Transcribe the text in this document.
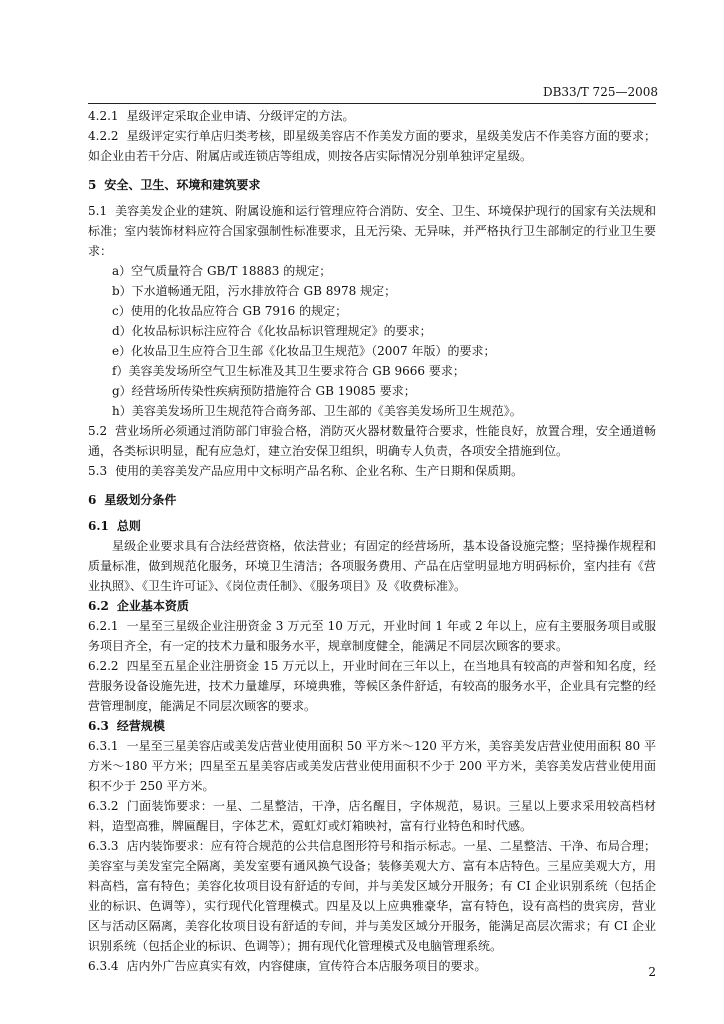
DB33/T 725—2008

4.2.1 星级评定采取企业申请、分级评定的方法。

4.2.2 星级评定实行单店归类考核，即星级美容店不作美发方面的要求，星级美发店不作美容方面的要求；如企业由若干分店、附属店或连锁店等组成，则按各店实际情况分别单独评定星级。

5 安全、卫生、环境和建筑要求

5.1 美容美发企业的建筑、附属设施和运行管理应符合消防、安全、卫生、环境保护现行的国家有关法规和标准；室内装饰材料应符合国家强制性标准要求，且无污染、无异味，并严格执行卫生部制定的行业卫生要求：

a）空气质量符合 GB/T 18883 的规定；

b）下水道畅通无阻，污水排放符合 GB 8978 规定；

c）使用的化妆品应符合 GB 7916 的规定；

d）化妆品标识标注应符合《化妆品标识管理规定》的要求；

e）化妆品卫生应符合卫生部《化妆品卫生规范》（2007 年版）的要求；

f）美容美发场所空气卫生标准及其卫生要求符合 GB 9666 要求；

g）经营场所传染性疾病预防措施符合 GB 19085 要求；

h）美容美发场所卫生规范符合商务部、卫生部的《美容美发场所卫生规范》。

5.2 营业场所必须通过消防部门审验合格，消防灭火器材数量符合要求，性能良好，放置合理，安全通道畅通，各类标识明显，配有应急灯，建立治安保卫组织，明确专人负责，各项安全措施到位。

5.3 使用的美容美发产品应用中文标明产品名称、企业名称、生产日期和保质期。

6 星级划分条件

6.1 总则

星级企业要求具有合法经营资格，依法营业；有固定的经营场所，基本设备设施完整；坚持操作规程和质量标准，做到规范化服务，环境卫生清洁；各项服务费用、产品在店堂明显地方明码标价，室内挂有《营业执照》、《卫生许可证》、《岗位责任制》、《服务项目》及《收费标准》。

6.2 企业基本资质

6.2.1 一星至三星级企业注册资金 3 万元至 10 万元，开业时间 1 年或 2 年以上，应有主要服务项目或服务项目齐全，有一定的技术力量和服务水平，规章制度健全，能满足不同层次顾客的要求。

6.2.2 四星至五星企业注册资金 15 万元以上，开业时间在三年以上，在当地具有较高的声誉和知名度，经营服务设备设施先进，技术力量雄厚，环境典雅，等候区条件舒适，有较高的服务水平，企业具有完整的经营管理制度，能满足不同层次顾客的要求。

6.3 经营规模

6.3.1 一星至三星美容店或美发店营业使用面积 50 平方米～120 平方米，美容美发店营业使用面积 80 平方米～180 平方米；四星至五星美容店或美发店营业使用面积不少于 200 平方米，美容美发店营业使用面积不少于 250 平方米。

6.3.2 门面装饰要求：一星、二星整洁，干净，店名醒目，字体规范，易识。三星以上要求采用较高档材料，造型高雅，牌匾醒目，字体艺术，霓虹灯或灯箱映衬，富有行业特色和时代感。

6.3.3 店内装饰要求：应有符合规范的公共信息图形符号和指示标志。一星、二星整洁、干净、布局合理；美容室与美发室完全隔离，美发室要有通风换气设备；装修美观大方、富有本店特色。三星应美观大方，用料高档，富有特色；美容化妆项目设有舒适的专间，并与美发区域分开服务；有 CI 企业识别系统（包括企业的标识、色调等），实行现代化管理模式。四星及以上应典雅豪华，富有特色，设有高档的贵宾房，营业区与活动区隔离，美容化妆项目设有舒适的专间，并与美发区域分开服务，能满足高层次需求；有 CI 企业识别系统（包括企业的标识、色调等）；拥有现代化管理模式及电脑管理系统。

6.3.4 店内外广告应真实有效，内容健康，宣传符合本店服务项目的要求。	2
